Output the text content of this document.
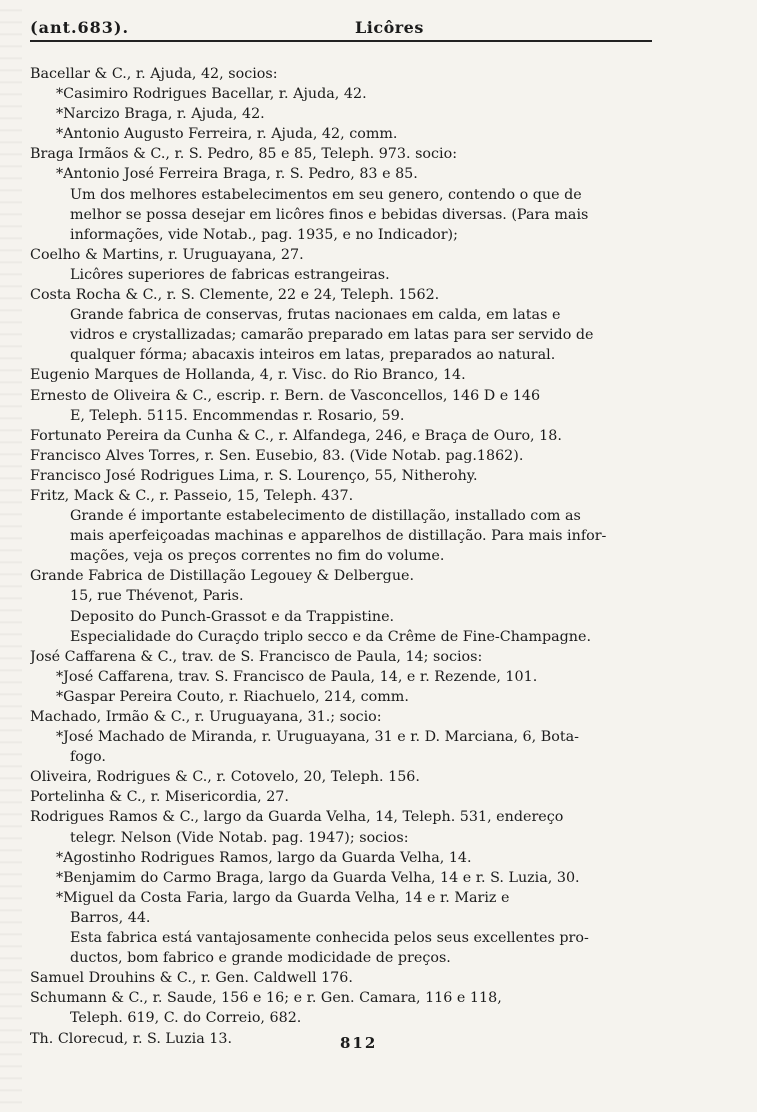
(ant.683).	Licôres
Bacellar & C., r. Ajuda, 42, socios:
*Casimiro Rodrigues Bacellar, r. Ajuda, 42.
*Narcizo Braga, r. Ajuda, 42.
*Antonio Augusto Ferreira, r. Ajuda, 42, comm.
Braga Irmãos & C., r. S. Pedro, 85 e 85, Teleph. 973. socio:
*Antonio José Ferreira Braga, r. S. Pedro, 83 e 85.
Um dos melhores estabelecimentos em seu genero, contendo o que de
melhor se possa desejar em licôres finos e bebidas diversas. (Para mais
informações, vide Notab., pag. 1935, e no Indicador);
Coelho & Martins, r. Uruguayana, 27.
Licôres superiores de fabricas estrangeiras.
Costa Rocha & C., r. S. Clemente, 22 e 24, Teleph. 1562.
Grande fabrica de conservas, frutas nacionaes em calda, em latas e
vidros e crystallizadas; camarão preparado em latas para ser servido de
qualquer fórma; abacaxis inteiros em latas, preparados ao natural.
Eugenio Marques de Hollanda, 4, r. Visc. do Rio Branco, 14.
Ernesto de Oliveira & C., escrip. r. Bern. de Vasconcellos, 146 D e 146
E, Teleph. 5115. Encommendas r. Rosario, 59.
Fortunato Pereira da Cunha & C., r. Alfandega, 246, e Braça de Ouro, 18.
Francisco Alves Torres, r. Sen. Eusebio, 83. (Vide Notab. pag.1862).
Francisco José Rodrigues Lima, r. S. Lourenço, 55, Nitherohy.
Fritz, Mack & C., r. Passeio, 15, Teleph. 437.
Grande é importante estabelecimento de distillação, installado com as
mais aperfeiçoadas machinas e apparelhos de distillação. Para mais infor-
mações, veja os preços correntes no fim do volume.
Grande Fabrica de Distillação Legouey & Delbergue.
15, rue Thévenot, Paris.
Deposito do Punch-Grassot e da Trappistine.
Especialidade do Curaçdo triplo secco e da Crême de Fine-Champagne.
José Caffarena & C., trav. de S. Francisco de Paula, 14; socios:
*José Caffarena, trav. S. Francisco de Paula, 14, e r. Rezende, 101.
*Gaspar Pereira Couto, r. Riachuelo, 214, comm.
Machado, Irmão & C., r. Uruguayana, 31.; socio:
*José Machado de Miranda, r. Uruguayana, 31 e r. D. Marciana, 6, Bota-
fogo.
Oliveira, Rodrigues & C., r. Cotovelo, 20, Teleph. 156.
Portelinha & C., r. Misericordia, 27.
Rodrigues Ramos & C., largo da Guarda Velha, 14, Teleph. 531, endereço
telegr. Nelson (Vide Notab. pag. 1947); socios:
*Agostinho Rodrigues Ramos, largo da Guarda Velha, 14.
*Benjamim do Carmo Braga, largo da Guarda Velha, 14 e r. S. Luzia, 30.
*Miguel da Costa Faria, largo da Guarda Velha, 14 e r. Mariz e
Barros, 44.
Esta fabrica está vantajosamente conhecida pelos seus excellentes pro-
ductos, bom fabrico e grande modicidade de preços.
Samuel Drouhins & C., r. Gen. Caldwell 176.
Schumann & C., r. Saude, 156 e 16; e r. Gen. Camara, 116 e 118,
Teleph. 619, C. do Correio, 682.
Th. Clorecud, r. S. Luzia 13.	812
